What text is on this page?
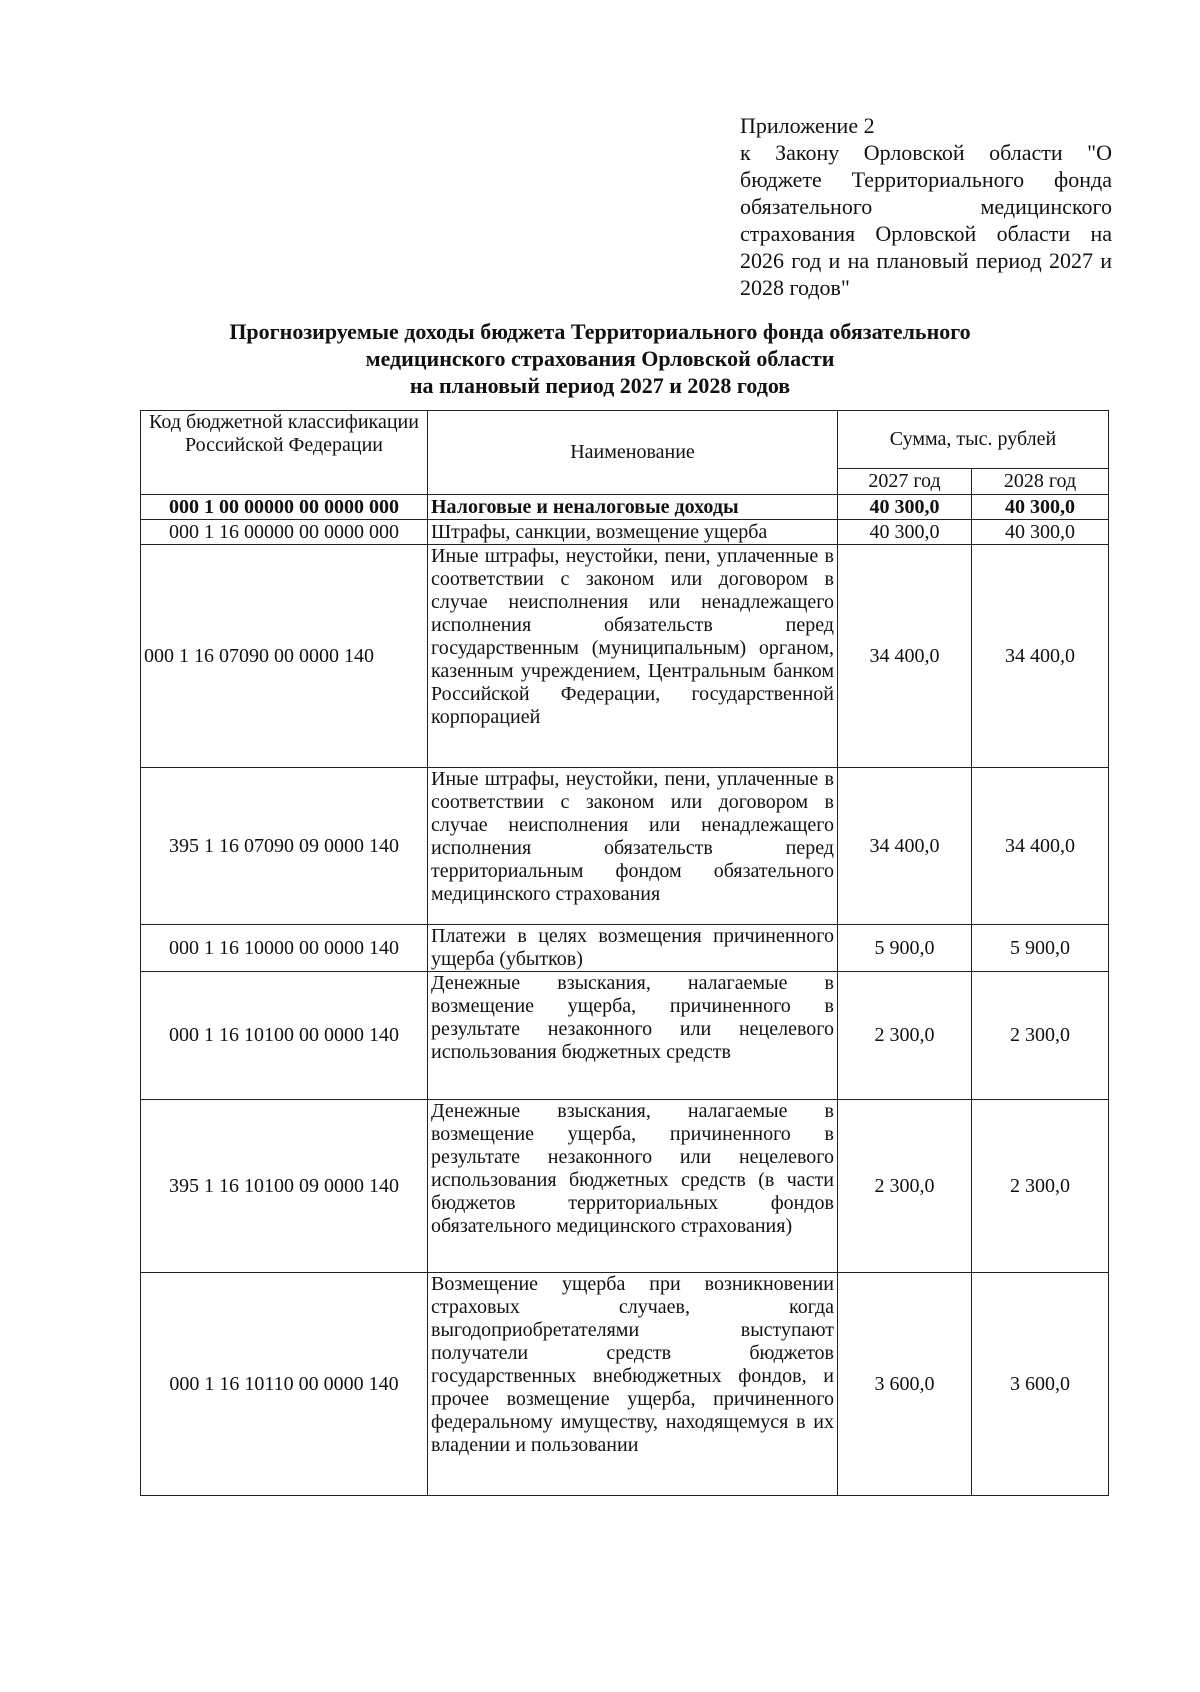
Приложение 2
к Закону Орловской области "О бюджете Территориального фонда обязательного медицинского страхования Орловской области на 2026 год и на плановый период 2027 и 2028 годов"
Прогнозируемые доходы бюджета Территориального фонда обязательного
медицинского страхования Орловской области
на плановый период 2027 и 2028 годов
Код бюджетной классификации Российской Федерации	Наименование	Сумма, тыс. рублей	
		2027 год	2028 год
000 1 00 00000 00 0000 000	Налоговые и неналоговые доходы	40 300,0	40 300,0
000 1 16 00000 00 0000 000	Штрафы, санкции, возмещение ущерба	40 300,0	40 300,0
000 1 16 07090 00 0000 140	Иные штрафы, неустойки, пени, уплаченные в соответствии с законом или договором в случае неисполнения или ненадлежащего исполнения обязательств перед государственным (муниципальным) органом, казенным учреждением, Центральным банком Российской Федерации, государственной корпорацией	34 400,0	34 400,0
395 1 16 07090 09 0000 140	Иные штрафы, неустойки, пени, уплаченные в соответствии с законом или договором в случае неисполнения или ненадлежащего исполнения обязательств перед территориальным фондом обязательного медицинского страхования	34 400,0	34 400,0
000 1 16 10000 00 0000 140	Платежи в целях возмещения причиненного ущерба (убытков)	5 900,0	5 900,0
000 1 16 10100 00 0000 140	Денежные взыскания, налагаемые в возмещение ущерба, причиненного в результате незаконного или нецелевого использования бюджетных средств	2 300,0	2 300,0
395 1 16 10100 09 0000 140	Денежные взыскания, налагаемые в возмещение ущерба, причиненного в результате незаконного или нецелевого использования бюджетных средств (в части бюджетов территориальных фондов обязательного медицинского страхования)	2 300,0	2 300,0
000 1 16 10110 00 0000 140	Возмещение ущерба при возникновении страховых случаев, когда выгодоприобретателями выступают получатели средств бюджетов государственных внебюджетных фондов, и прочее возмещение ущерба, причиненного федеральному имуществу, находящемуся в их владении и пользовании	3 600,0	3 600,0
